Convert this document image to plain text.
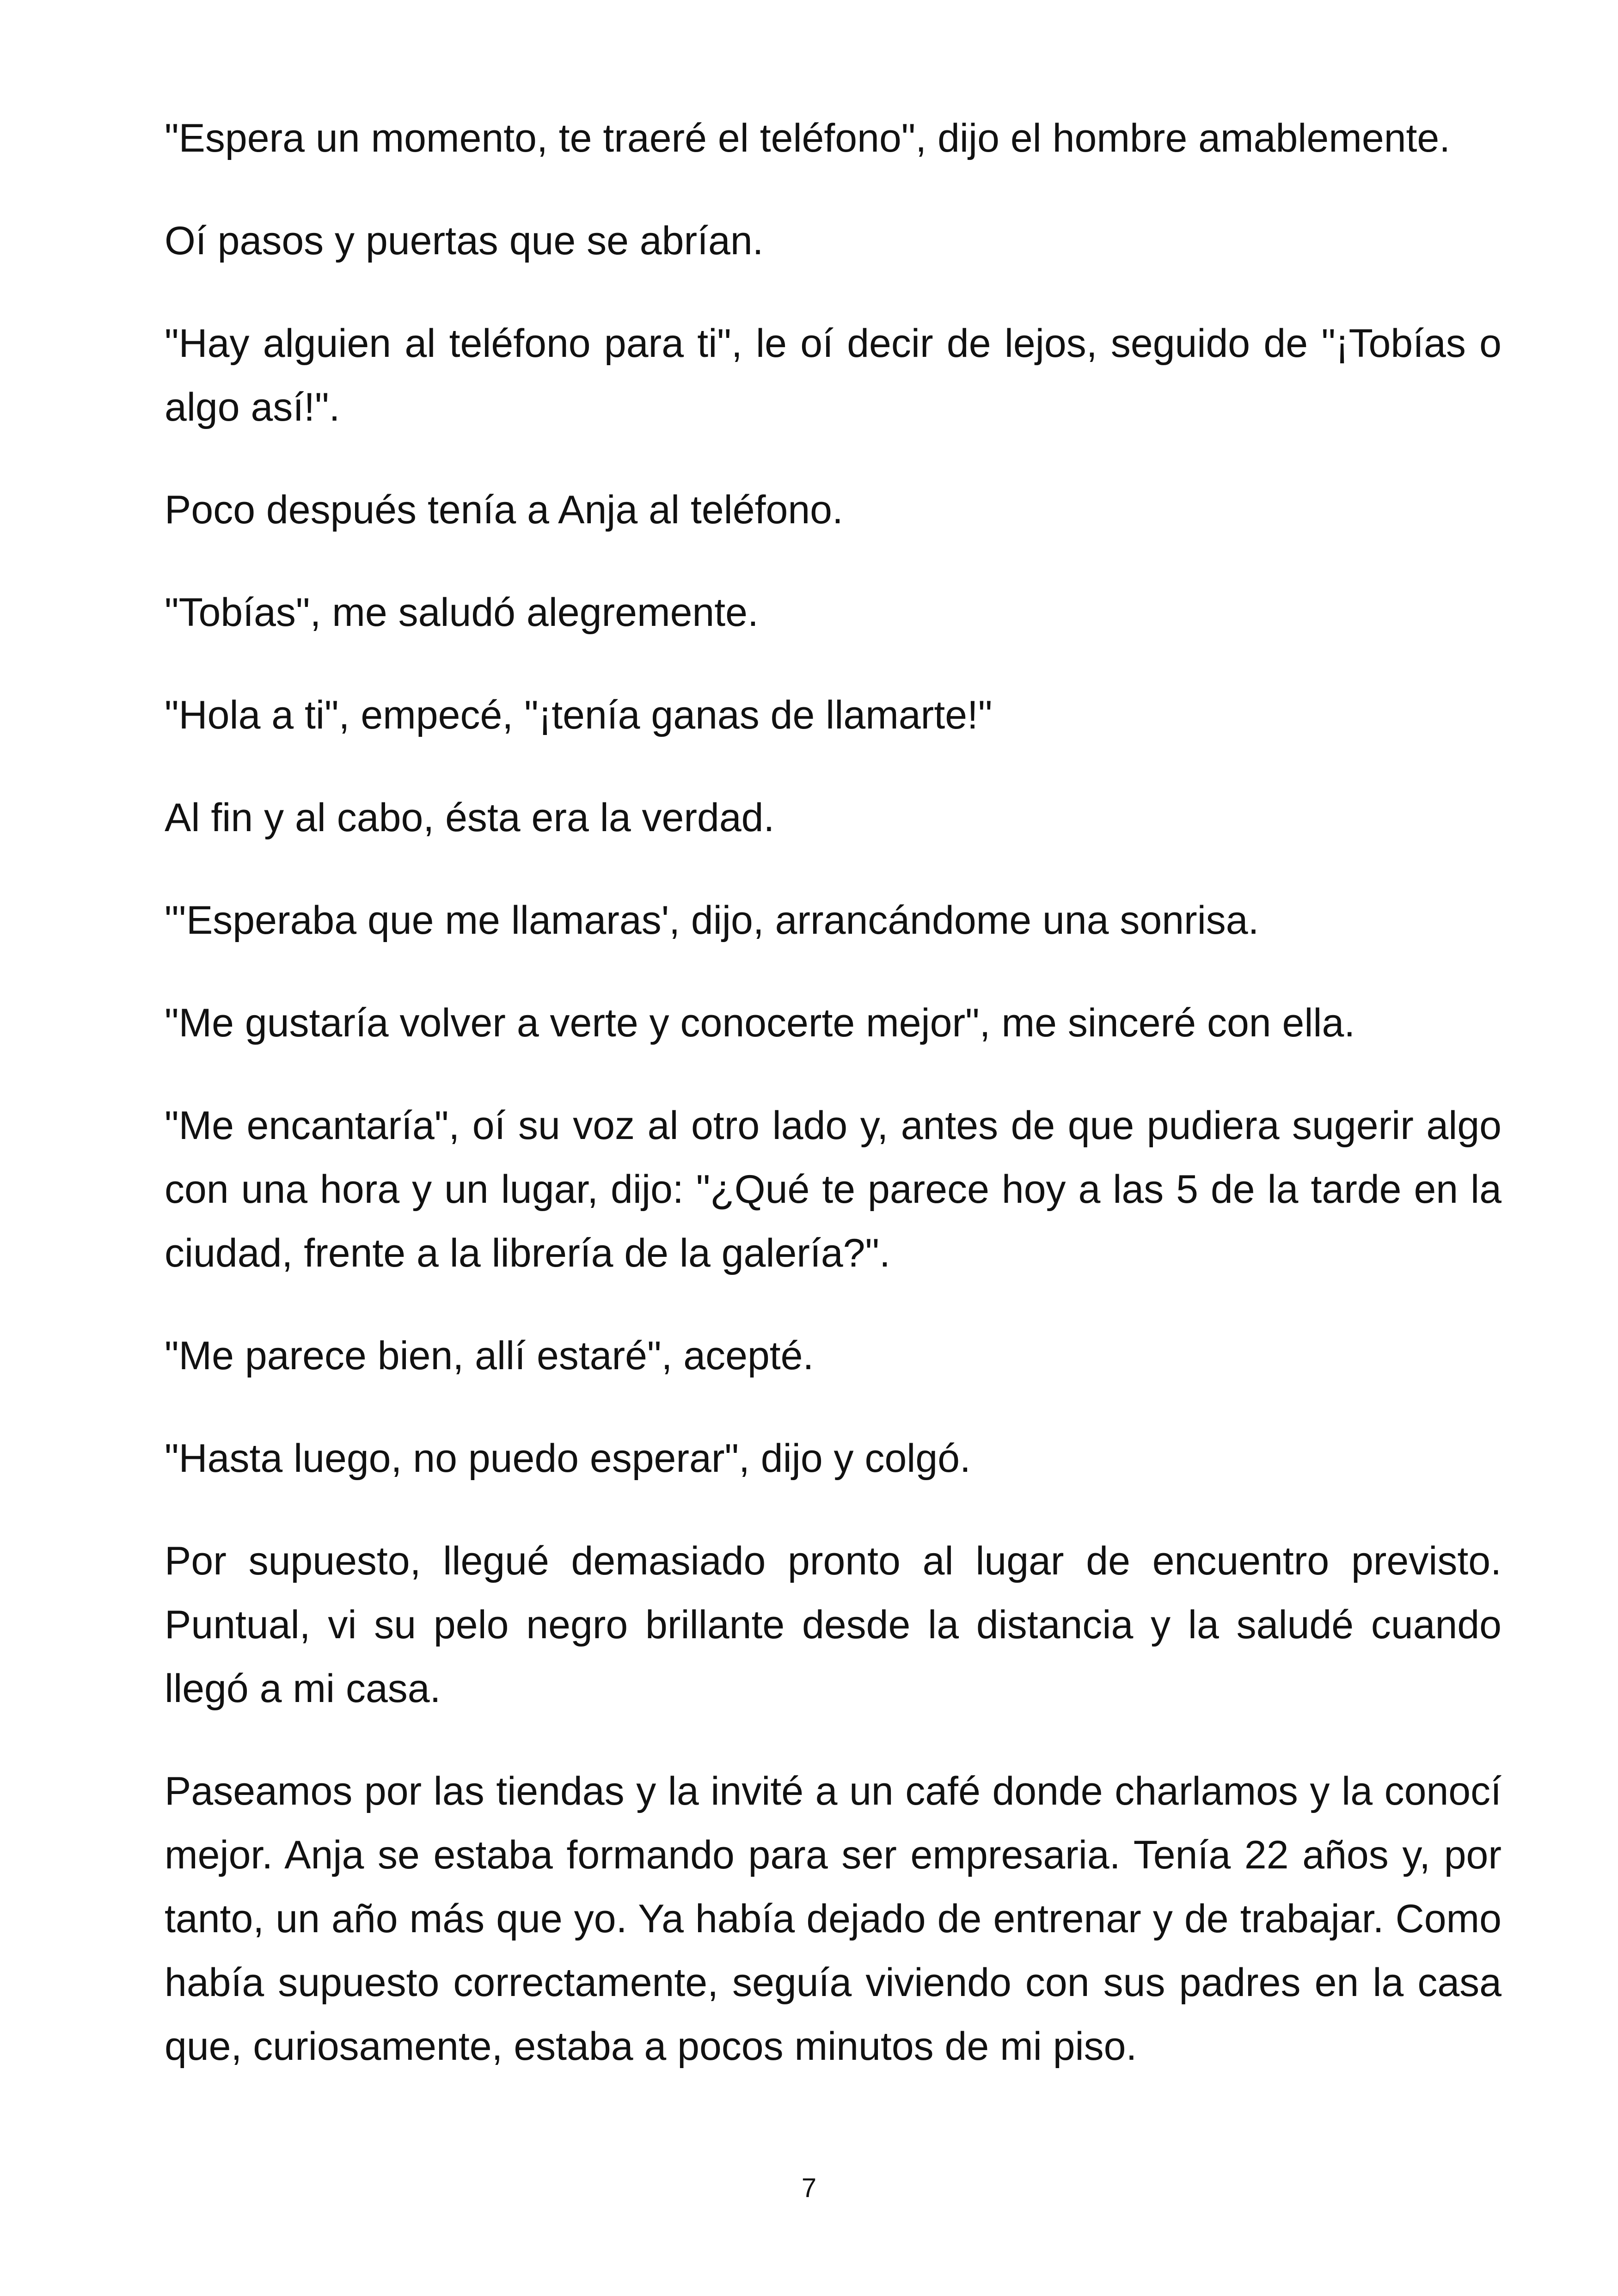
"Espera un momento, te traeré el teléfono", dijo el hombre amablemente.

Oí pasos y puertas que se abrían.

"Hay alguien al teléfono para ti", le oí decir de lejos, seguido de "¡Tobías o algo así!".

Poco después tenía a Anja al teléfono.

"Tobías", me saludó alegremente.

"Hola a ti", empecé, "¡tenía ganas de llamarte!"

Al fin y al cabo, ésta era la verdad.

"'Esperaba que me llamaras', dijo, arrancándome una sonrisa.

"Me gustaría volver a verte y conocerte mejor", me sinceré con ella.

"Me encantaría", oí su voz al otro lado y, antes de que pudiera sugerir algo con una hora y un lugar, dijo: "¿Qué te parece hoy a las 5 de la tarde en la ciudad, frente a la librería de la galería?".

"Me parece bien, allí estaré", acepté.

"Hasta luego, no puedo esperar", dijo y colgó.

Por supuesto, llegué demasiado pronto al lugar de encuentro previsto. Puntual, vi su pelo negro brillante desde la distancia y la saludé cuando llegó a mi casa.

Paseamos por las tiendas y la invité a un café donde charlamos y la conocí mejor. Anja se estaba formando para ser empresaria. Tenía 22 años y, por tanto, un año más que yo. Ya había dejado de entrenar y de trabajar. Como había supuesto correctamente, seguía viviendo con sus padres en la casa que, curiosamente, estaba a pocos minutos de mi piso.

7
